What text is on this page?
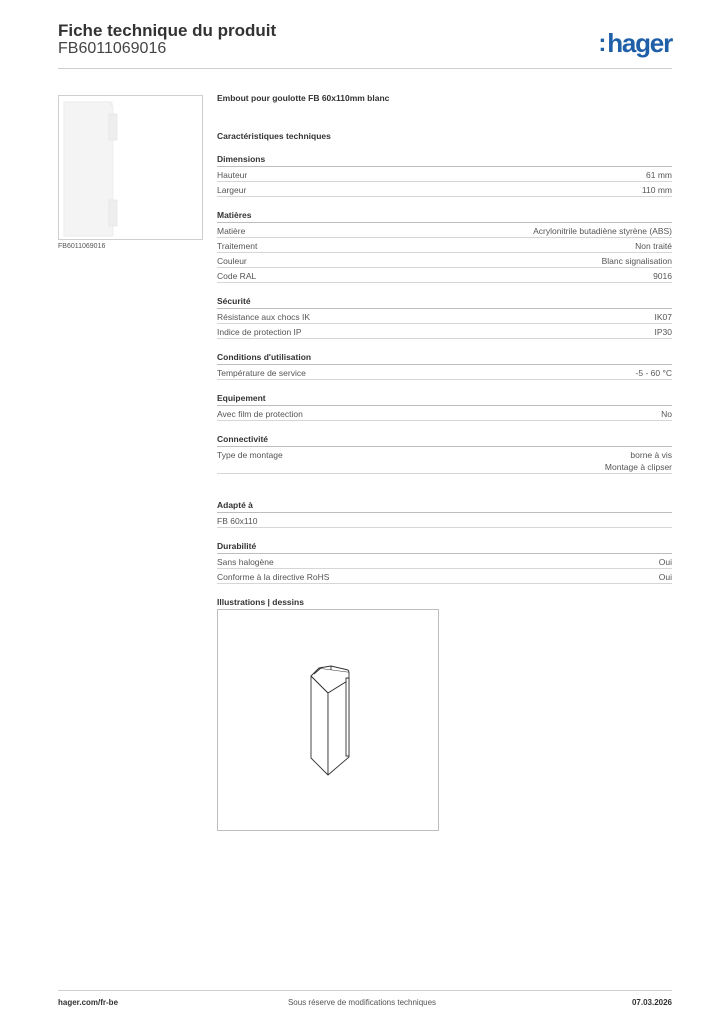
Fiche technique du produit
FB6011069016	:hager
FB6011069016
Embout pour goulotte FB 60x110mm blanc
Caractéristiques techniques
Dimensions
Hauteur	61 mm
Largeur	110 mm
Matières
Matière	Acrylonitrile butadiène styrène (ABS)
Traitement	Non traité
Couleur	Blanc signalisation
Code RAL	9016
Sécurité
Résistance aux chocs IK	IK07
Indice de protection IP	IP30
Conditions d'utilisation
Température de service	-5 - 60 °C
Equipement
Avec film de protection	No
Connectivité
Type de montage	borne à vis
Montage à clipser
Adapté à
FB 60x110
Durabilité
Sans halogène	Oui
Conforme à la directive RoHS	Oui
Illustrations | dessins
hager.com/fr-be	Sous réserve de modifications techniques	07.03.2026
